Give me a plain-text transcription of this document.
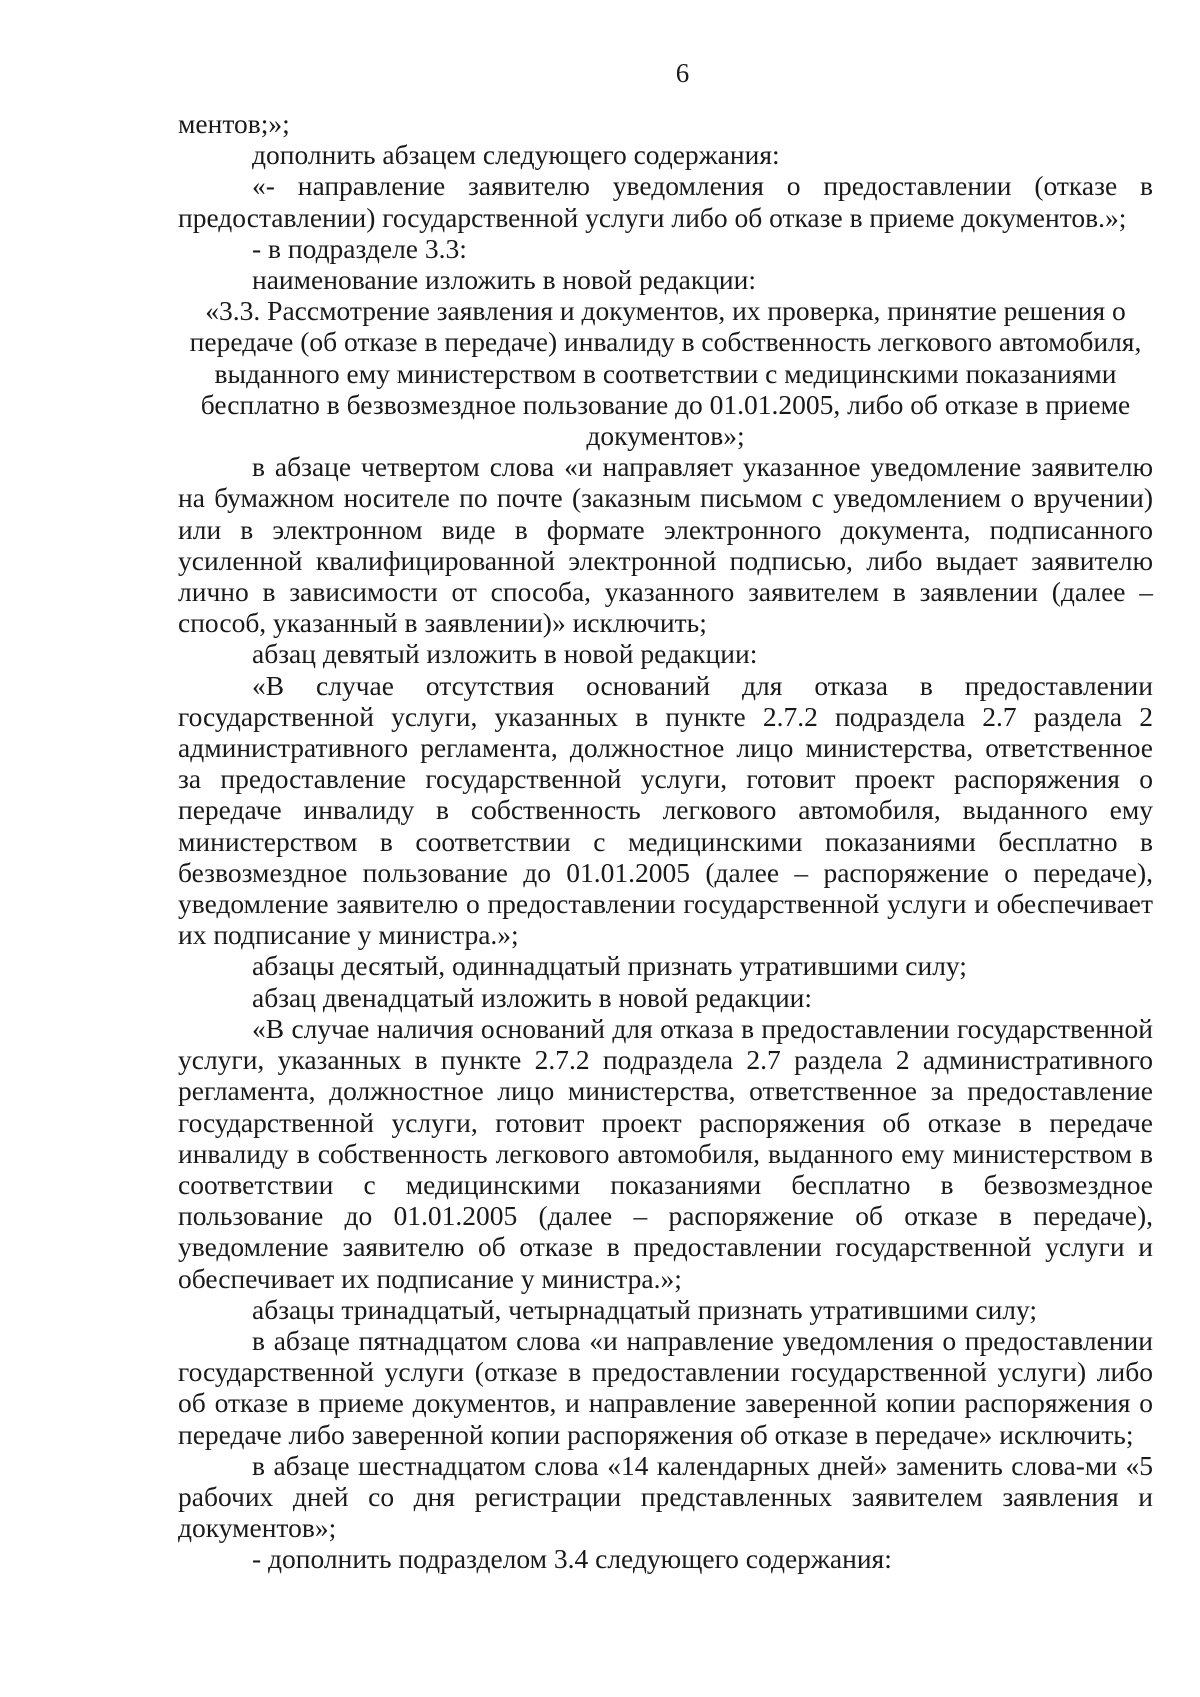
6

ментов;»;

дополнить абзацем следующего содержания:

«- направление заявителю уведомления о предоставлении (отказе в предоставлении) государственной услуги либо об отказе в приеме документов.»;

- в подразделе 3.3:

наименование изложить в новой редакции:

«3.3. Рассмотрение заявления и документов, их проверка, принятие решения о передаче (об отказе в передаче) инвалиду в собственность легкового автомобиля, выданного ему министерством в соответствии с медицинскими показаниями бесплатно в безвозмездное пользование до 01.01.2005, либо об отказе в приеме документов»;

в абзаце четвертом слова «и направляет указанное уведомление заявителю на бумажном носителе по почте (заказным письмом с уведомлением о вручении) или в электронном виде в формате электронного документа, подписанного усиленной квалифицированной электронной подписью, либо выдает заявителю лично в зависимости от способа, указанного заявителем в заявлении (далее – способ, указанный в заявлении)» исключить;

абзац девятый изложить в новой редакции:

«В случае отсутствия оснований для отказа в предоставлении государственной услуги, указанных в пункте 2.7.2 подраздела 2.7 раздела 2 административного регламента, должностное лицо министерства, ответственное за предоставление государственной услуги, готовит проект распоряжения о передаче инвалиду в собственность легкового автомобиля, выданного ему министерством в соответствии с медицинскими показаниями бесплатно в безвозмездное пользование до 01.01.2005 (далее – распоряжение о передаче), уведомление заявителю о предоставлении государственной услуги и обеспечивает их подписание у министра.»;

абзацы десятый, одиннадцатый признать утратившими силу;

абзац двенадцатый изложить в новой редакции:

«В случае наличия оснований для отказа в предоставлении государственной услуги, указанных в пункте 2.7.2 подраздела 2.7 раздела 2 административного регламента, должностное лицо министерства, ответственное за предоставление государственной услуги, готовит проект распоряжения об отказе в передаче инвалиду в собственность легкового автомобиля, выданного ему министерством в соответствии с медицинскими показаниями бесплатно в безвозмездное пользование до 01.01.2005 (далее – распоряжение об отказе в передаче), уведомление заявителю об отказе в предоставлении государственной услуги и обеспечивает их подписание у министра.»;

абзацы тринадцатый, четырнадцатый признать утратившими силу;

в абзаце пятнадцатом слова «и направление уведомления о предоставлении государственной услуги (отказе в предоставлении государственной услуги) либо об отказе в приеме документов, и направление заверенной копии распоряжения о передаче либо заверенной копии распоряжения об отказе в передаче» исключить;

в абзаце шестнадцатом слова «14 календарных дней» заменить слова-ми «5 рабочих дней со дня регистрации представленных заявителем заявления и документов»;

- дополнить подразделом 3.4 следующего содержания:
